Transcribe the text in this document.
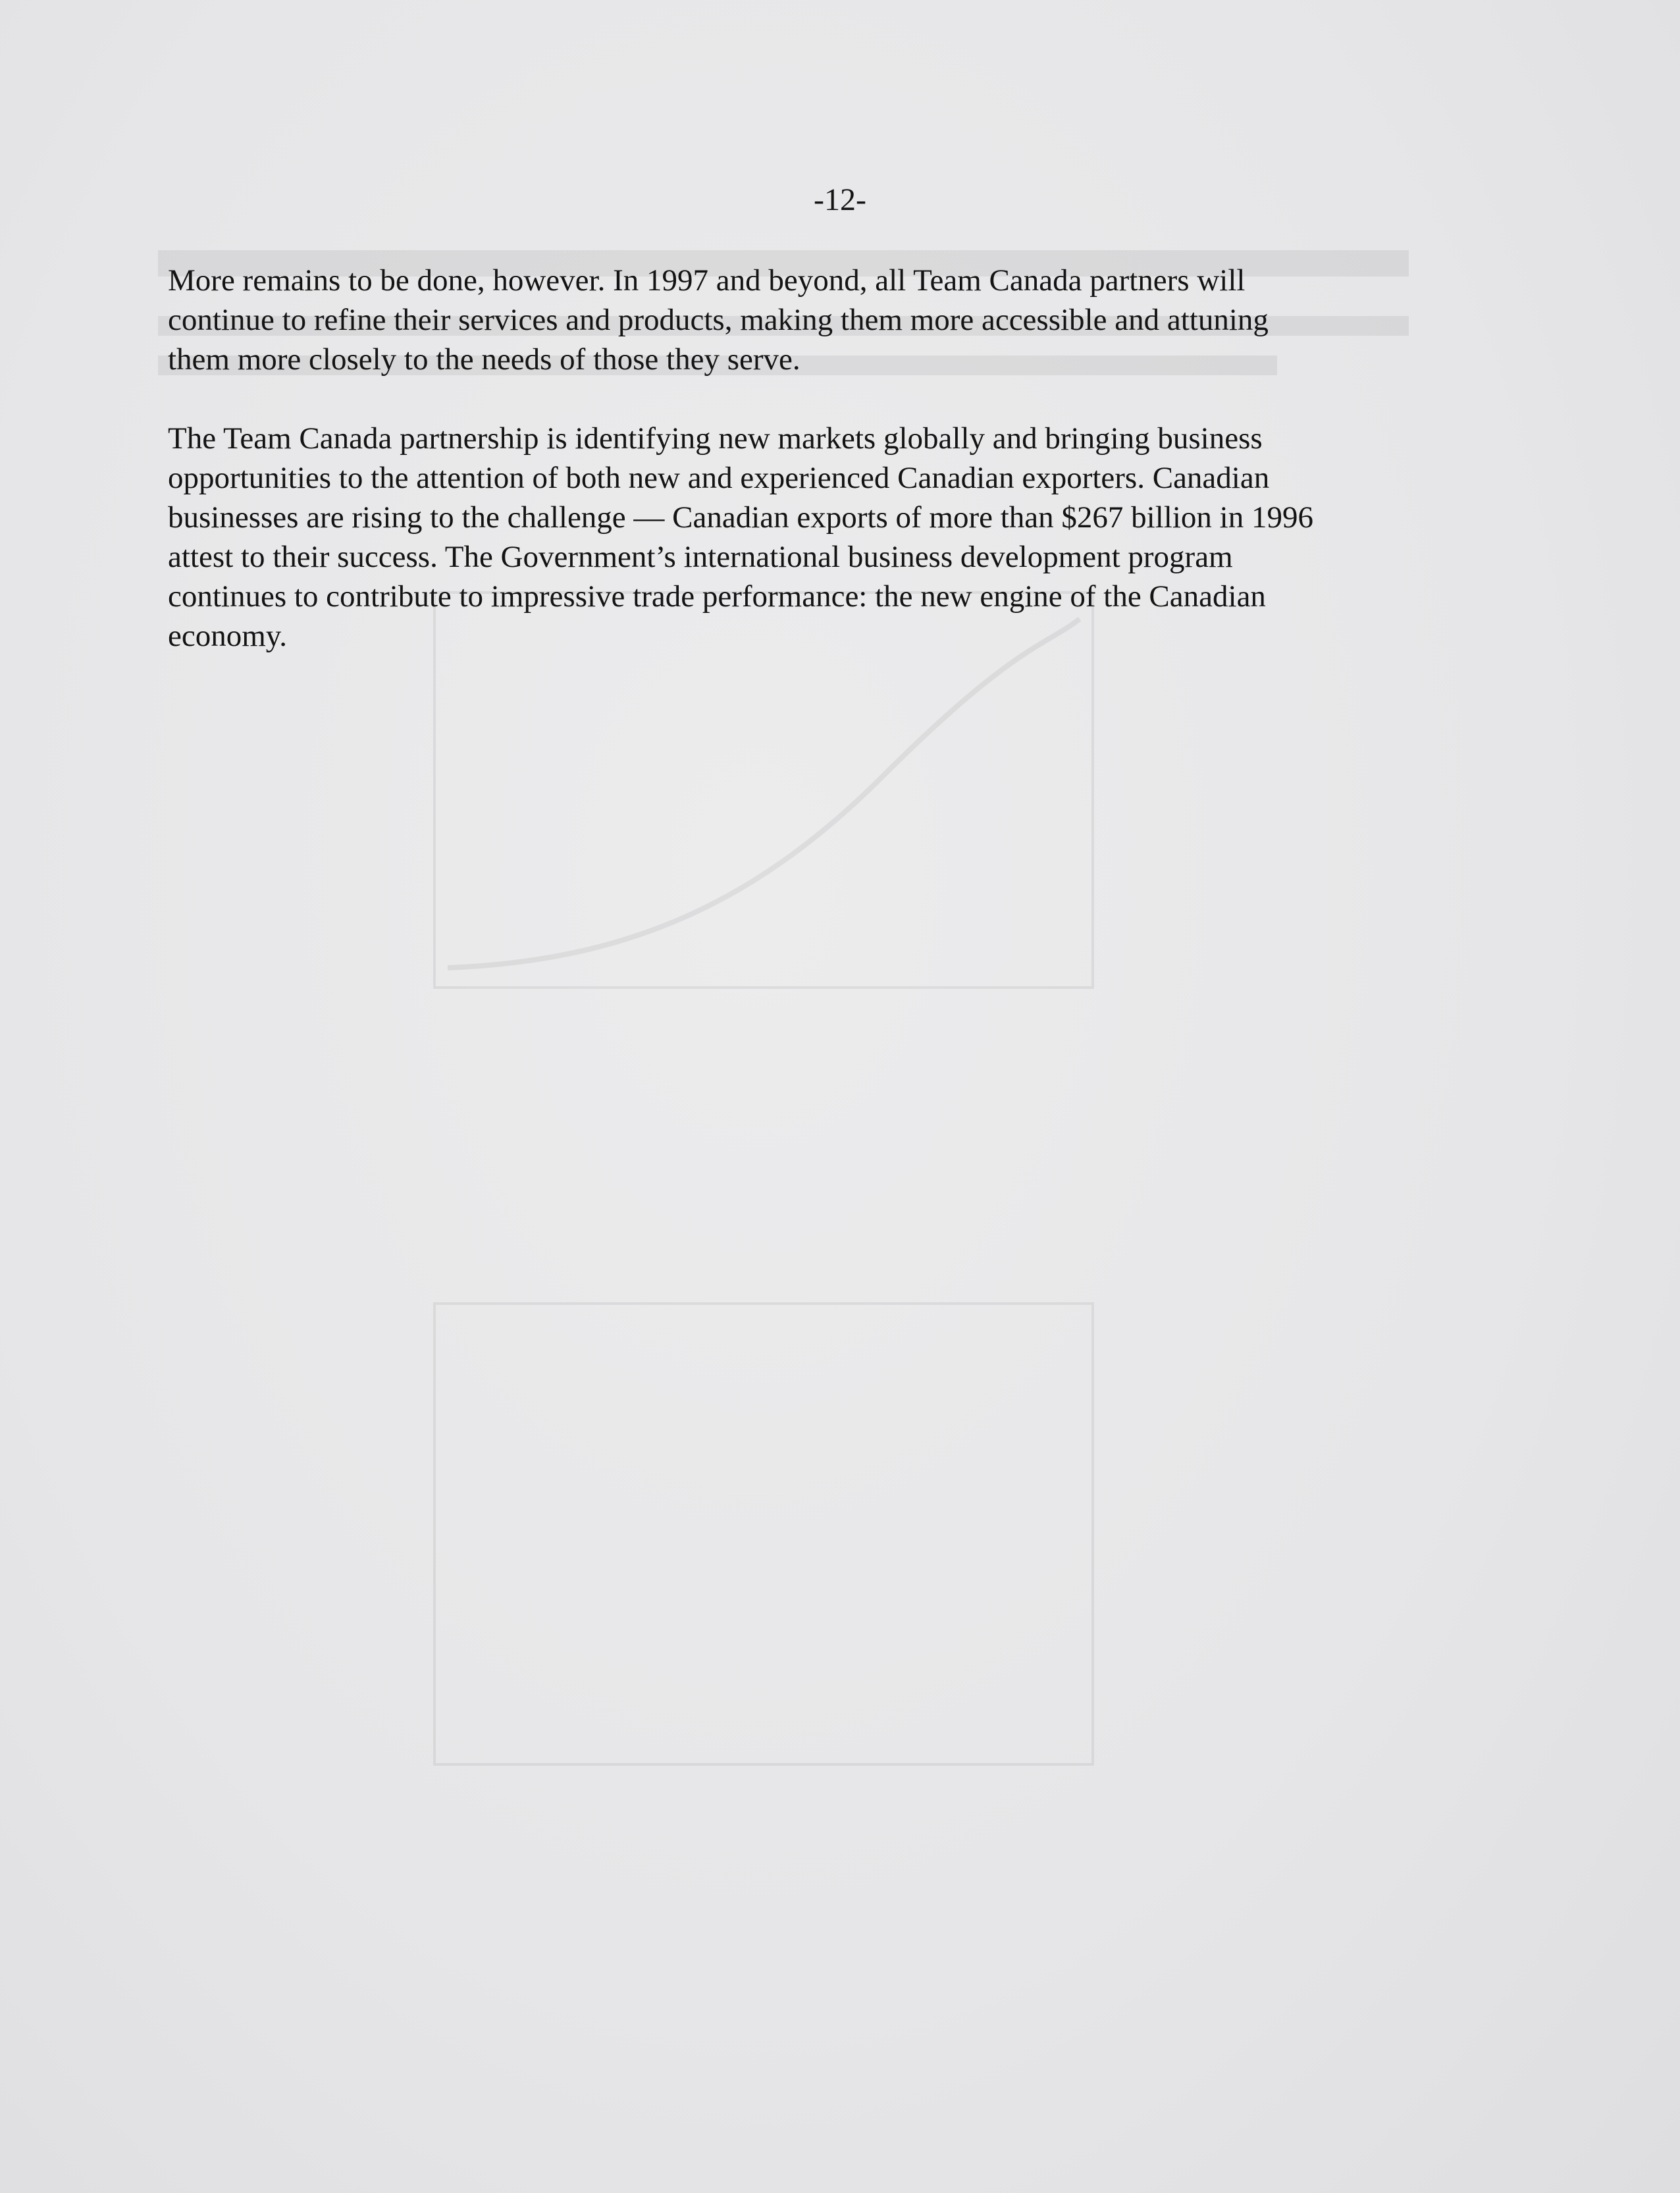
-12-

More remains to be done, however. In 1997 and beyond, all Team Canada partners will
continue to refine their services and products, making them more accessible and attuning
them more closely to the needs of those they serve.

The Team Canada partnership is identifying new markets globally and bringing business
opportunities to the attention of both new and experienced Canadian exporters. Canadian
businesses are rising to the challenge — Canadian exports of more than $267 billion in 1996
attest to their success. The Government’s international business development program
continues to contribute to impressive trade performance: the new engine of the Canadian
economy.
